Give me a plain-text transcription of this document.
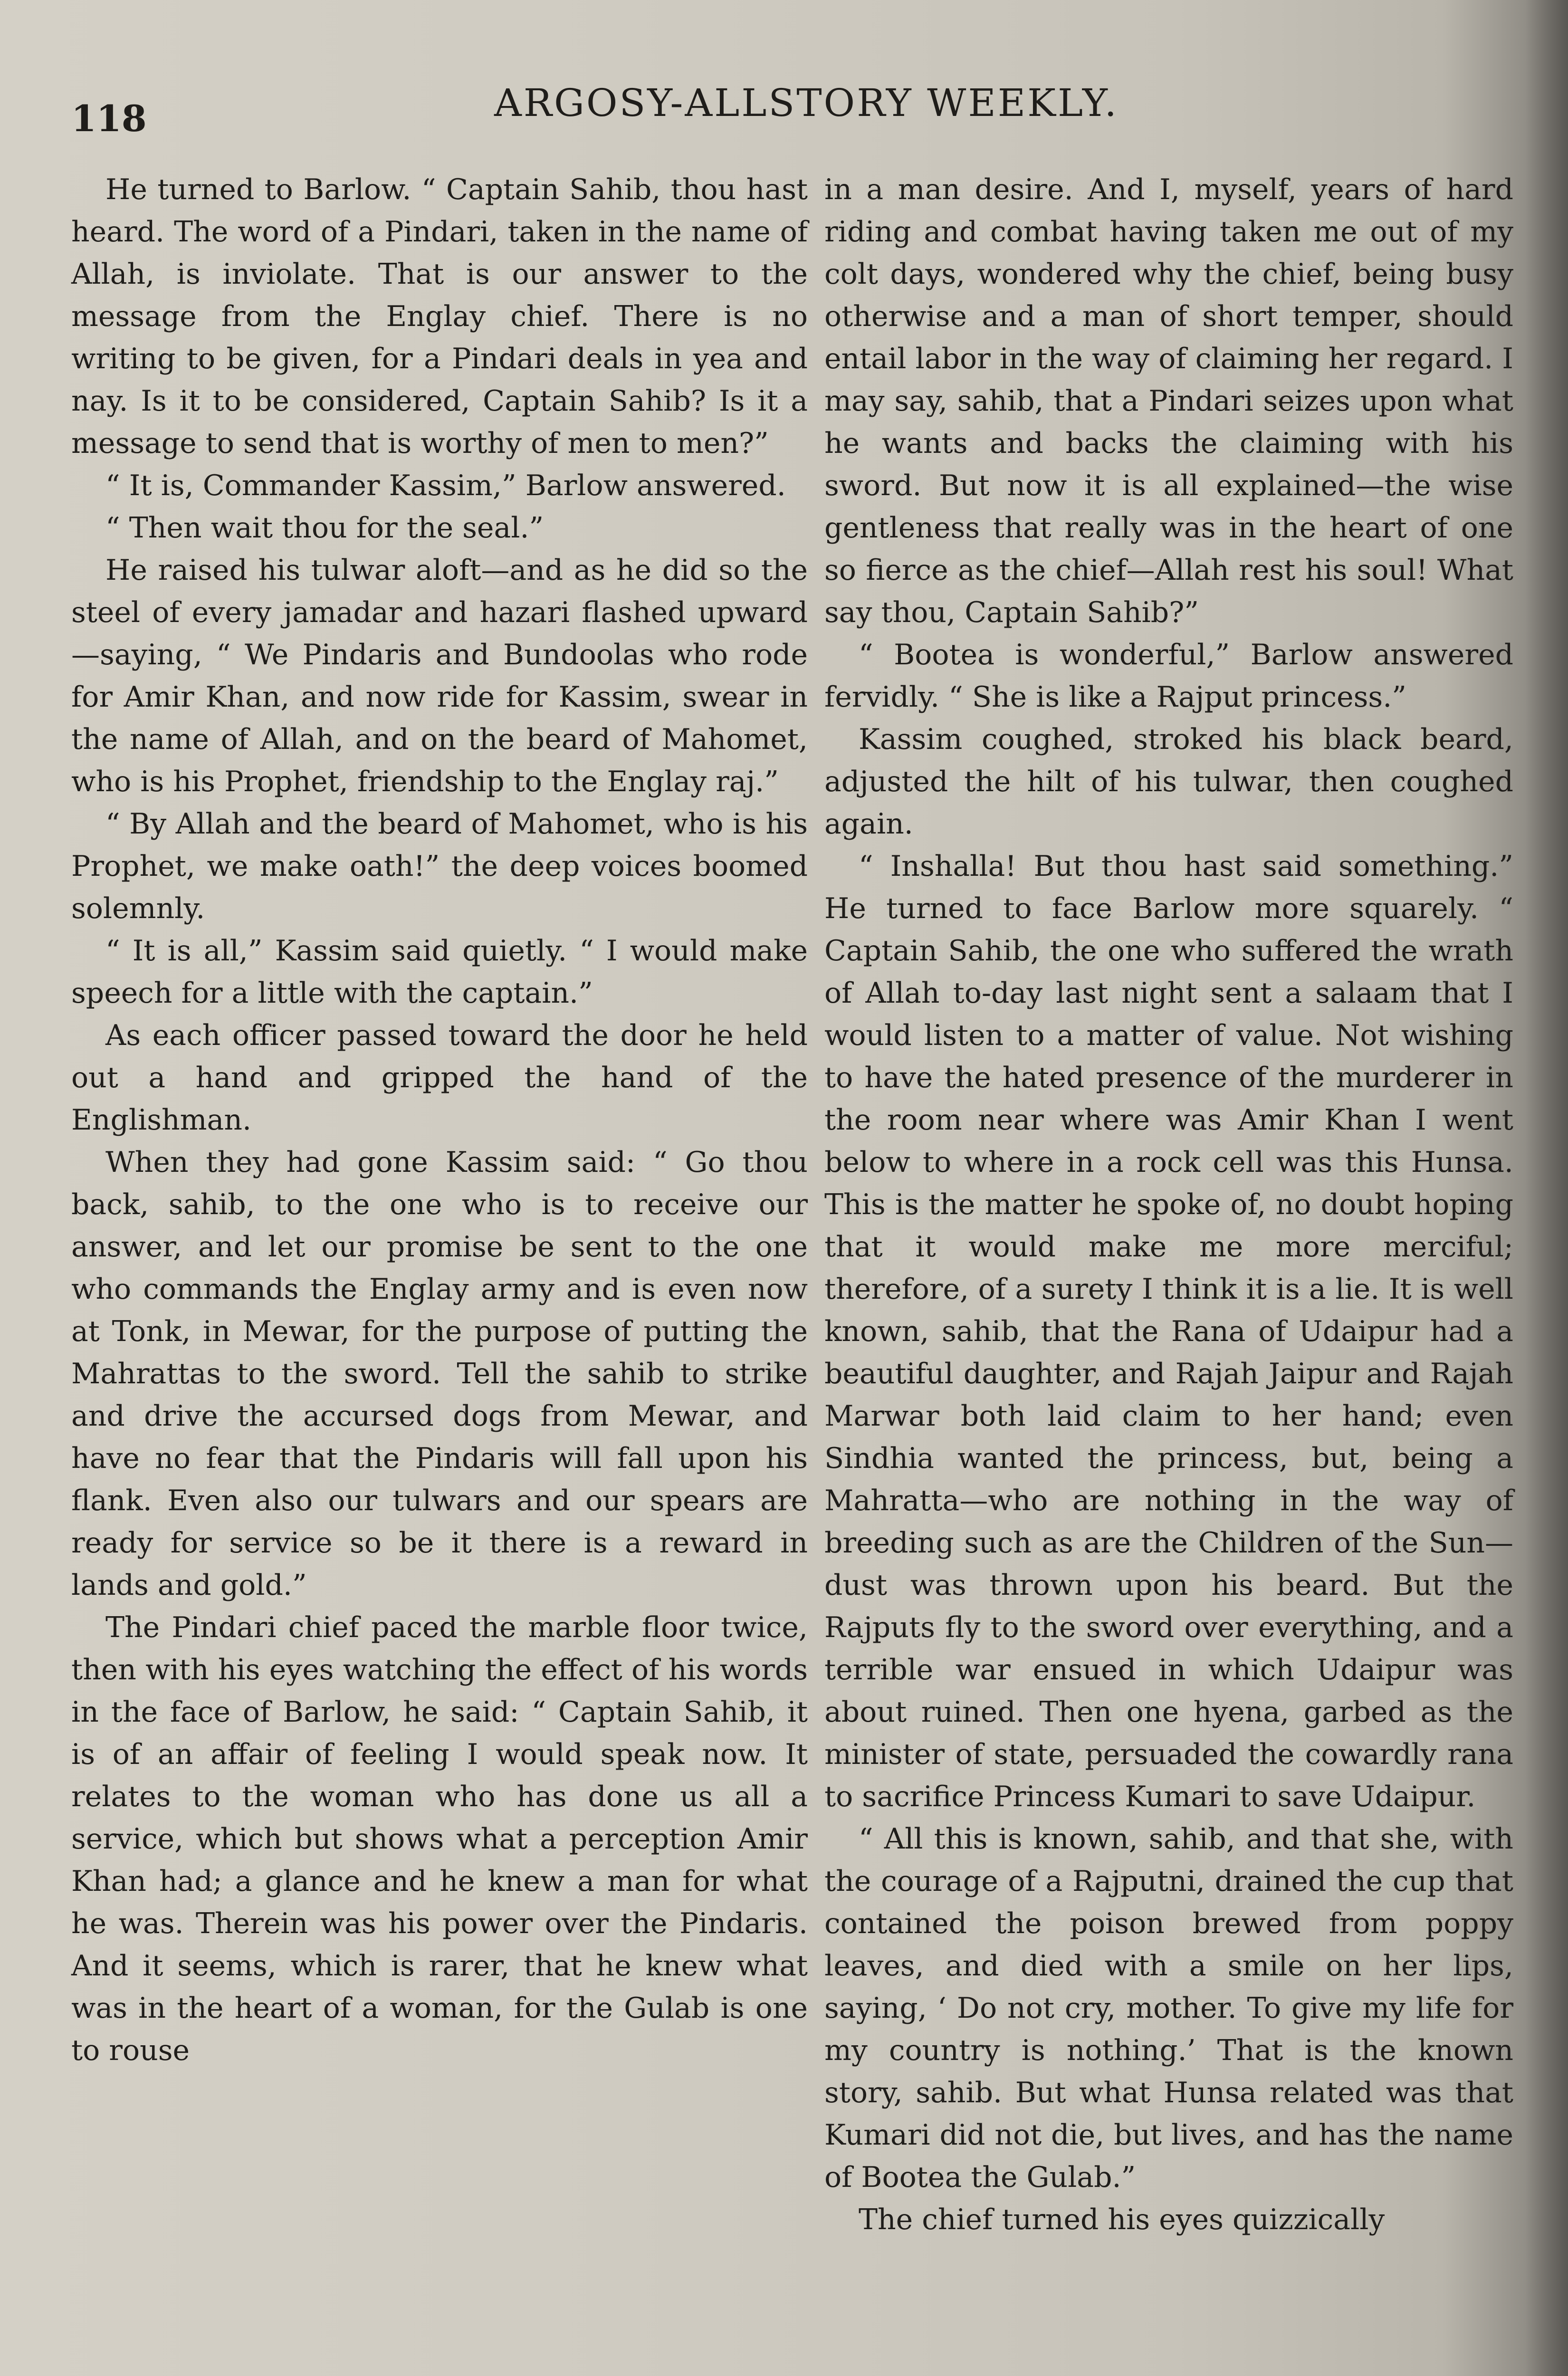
118	ARGOSY-ALLSTORY WEEKLY.

He turned to Barlow. “ Captain Sahib, thou hast heard. The word of a Pindari, taken in the name of Allah, is inviolate. That is our answer to the message from the Englay chief. There is no writing to be given, for a Pindari deals in yea and nay. Is it to be considered, Captain Sahib? Is it a message to send that is worthy of men to men?”

“ It is, Commander Kassim,” Barlow answered.

“ Then wait thou for the seal.”

He raised his tulwar aloft—and as he did so the steel of every jamadar and hazari flashed upward—saying, “ We Pindaris and Bundoolas who rode for Amir Khan, and now ride for Kassim, swear in the name of Allah, and on the beard of Mahomet, who is his Prophet, friendship to the Englay raj.”

“ By Allah and the beard of Mahomet, who is his Prophet, we make oath!” the deep voices boomed solemnly.

“ It is all,” Kassim said quietly. “ I would make speech for a little with the captain.”

As each officer passed toward the door he held out a hand and gripped the hand of the Englishman.

When they had gone Kassim said: “ Go thou back, sahib, to the one who is to receive our answer, and let our promise be sent to the one who commands the Englay army and is even now at Tonk, in Mewar, for the purpose of putting the Mahrattas to the sword. Tell the sahib to strike and drive the accursed dogs from Mewar, and have no fear that the Pindaris will fall upon his flank. Even also our tulwars and our spears are ready for service so be it there is a reward in lands and gold.”

The Pindari chief paced the marble floor twice, then with his eyes watching the effect of his words in the face of Barlow, he said: “ Captain Sahib, it is of an affair of feeling I would speak now. It relates to the woman who has done us all a service, which but shows what a perception Amir Khan had; a glance and he knew a man for what he was. Therein was his power over the Pindaris. And it seems, which is rarer, that he knew what was in the heart of a woman, for the Gulab is one to rouse

in a man desire. And I, myself, years of hard riding and combat having taken me out of my colt days, wondered why the chief, being busy otherwise and a man of short temper, should entail labor in the way of claiming her regard. I may say, sahib, that a Pindari seizes upon what he wants and backs the claiming with his sword. But now it is all explained—the wise gentleness that really was in the heart of one so fierce as the chief—Allah rest his soul! What say thou, Captain Sahib?”

“ Bootea is wonderful,” Barlow answered fervidly. “ She is like a Rajput princess.”

Kassim coughed, stroked his black beard, adjusted the hilt of his tulwar, then coughed again.

“ Inshalla! But thou hast said something.” He turned to face Barlow more squarely. “ Captain Sahib, the one who suffered the wrath of Allah to-day last night sent a salaam that I would listen to a matter of value. Not wishing to have the hated presence of the murderer in the room near where was Amir Khan I went below to where in a rock cell was this Hunsa. This is the matter he spoke of, no doubt hoping that it would make me more merciful; therefore, of a surety I think it is a lie. It is well known, sahib, that the Rana of Udaipur had a beautiful daughter, and Rajah Jaipur and Rajah Marwar both laid claim to her hand; even Sindhia wanted the princess, but, being a Mahratta—who are nothing in the way of breeding such as are the Children of the Sun—dust was thrown upon his beard. But the Rajputs fly to the sword over everything, and a terrible war ensued in which Udaipur was about ruined. Then one hyena, garbed as the minister of state, persuaded the cowardly rana to sacrifice Princess Kumari to save Udaipur.

“ All this is known, sahib, and that she, with the courage of a Rajputni, drained the cup that contained the poison brewed from poppy leaves, and died with a smile on her lips, saying, ‘ Do not cry, mother. To give my life for my country is nothing.’ That is the known story, sahib. But what Hunsa related was that Kumari did not die, but lives, and has the name of Bootea the Gulab.”

The chief turned his eyes quizzically
